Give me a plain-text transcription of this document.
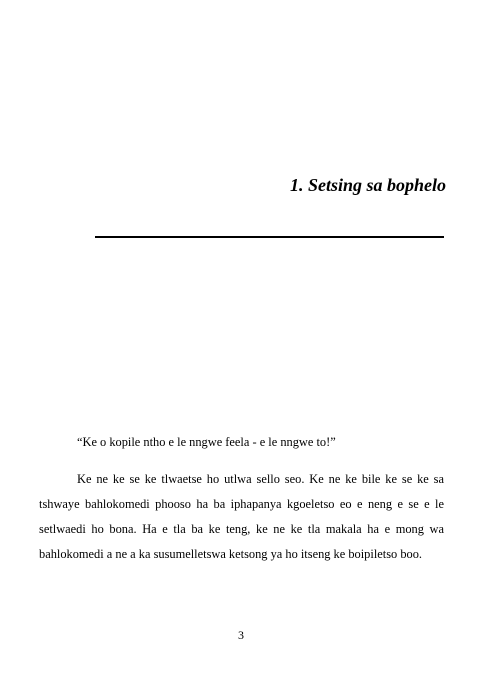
1. Setsing sa bophelo
“Ke o kopile ntho e le nngwe feela - e le nngwe to!”

Ke ne ke se ke tlwaetse ho utlwa sello seo. Ke ne ke bile ke se ke sa tshwaye bahlokomedi phooso ha ba iphapanya kgoeletso eo e neng e se e le setlwaedi ho bona. Ha e tla ba ke teng, ke ne ke tla makala ha e mong wa bahlokomedi a ne a ka susumelletswa ketsong ya ho itseng ke boipiletso boo.

3
